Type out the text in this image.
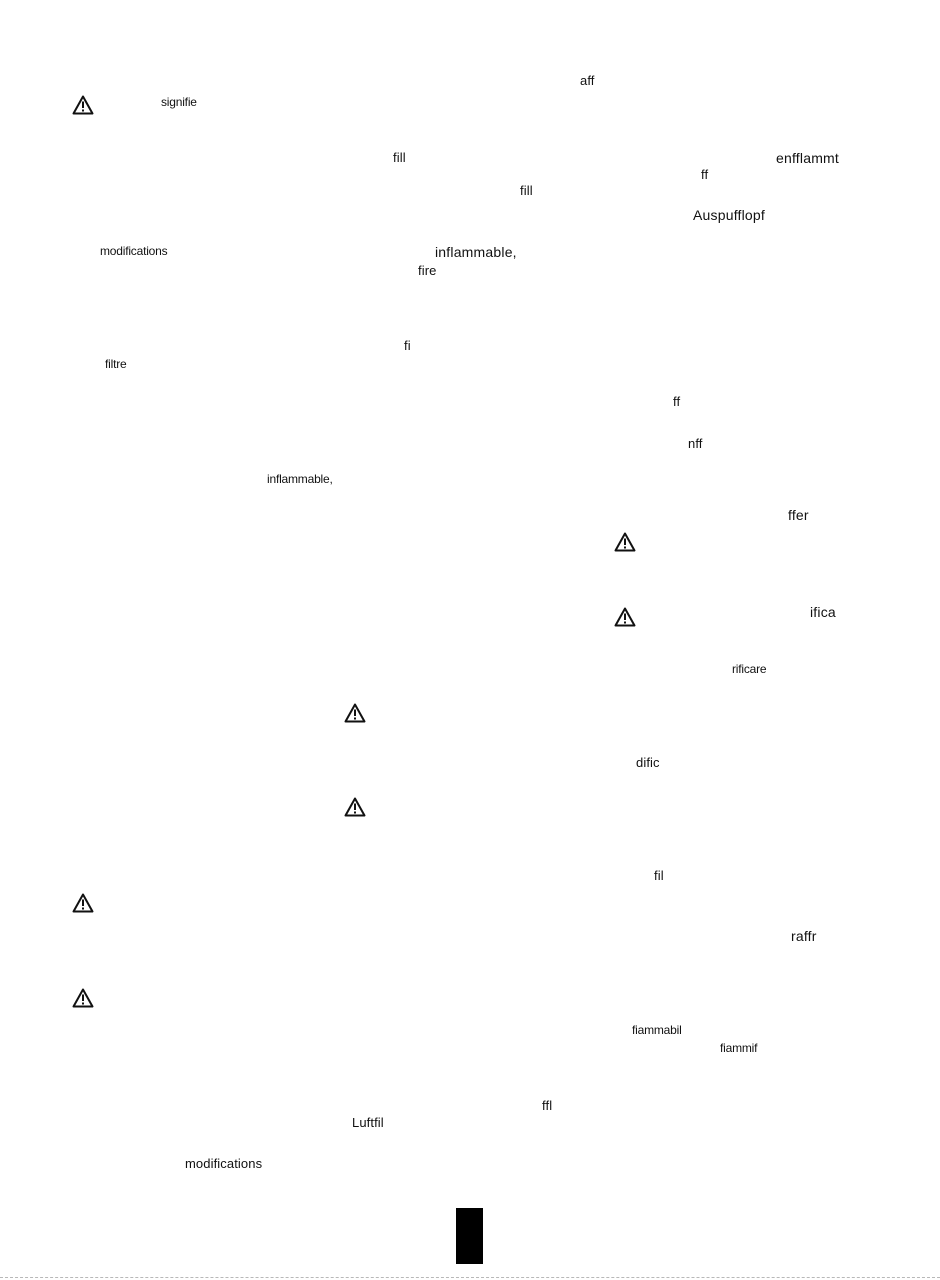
aff
signifie
fill	enfflammt
ff
fill
Auspufflopf
modifications	inflammable,
fire
fi
filtre
ff
nff
inflammable,
ffer
ifica
rificare
dific
fil
raffr
fiammabil
fiammif
ffl
Luftfil
modifications
